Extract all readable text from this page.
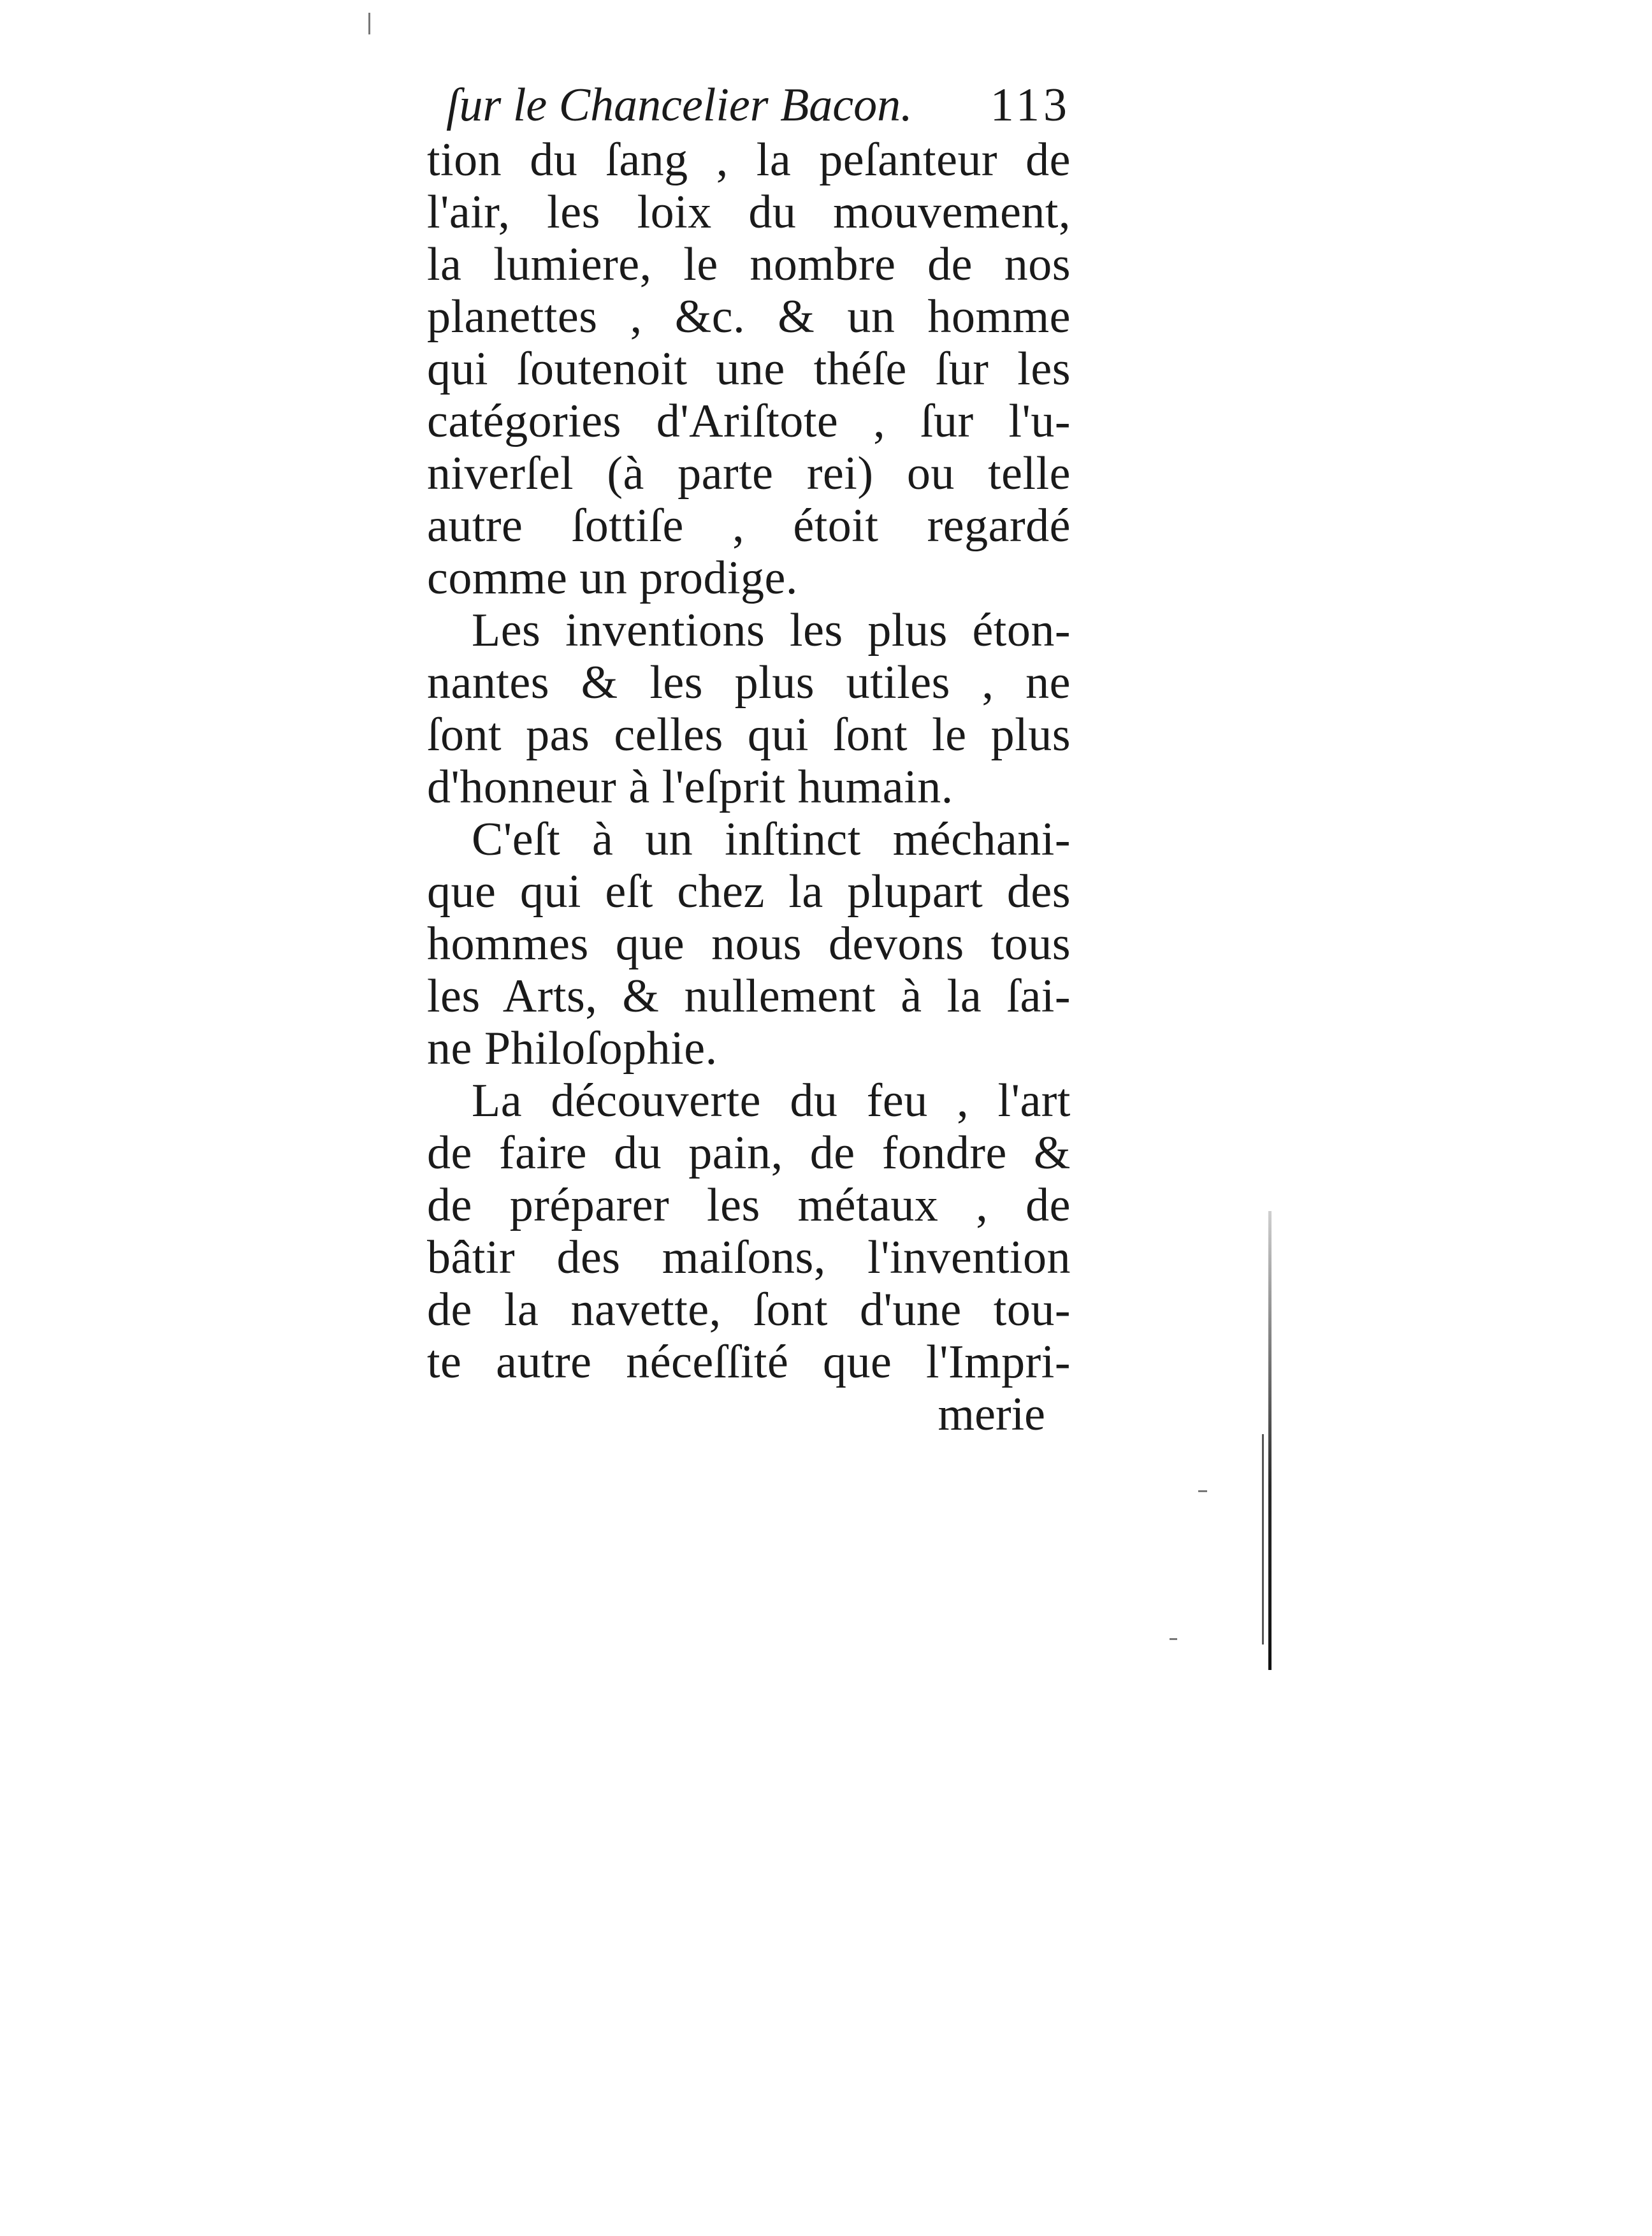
ſur le Chancelier Bacon. 113
tion du ſang , la peſanteur de
l'air, les loix du mouvement,
la lumiere, le nombre de nos
planettes , &c. & un homme
qui ſoutenoit une théſe ſur les
catégories d'Ariſtote , ſur l'u-
niverſel (à parte rei) ou telle
autre ſottiſe , étoit regardé
comme un prodige.
Les inventions les plus éton-
nantes & les plus utiles , ne
ſont pas celles qui ſont le plus
d'honneur à l'eſprit humain.
C'eſt à un inſtinct méchani-
que qui eſt chez la plupart des
hommes que nous devons tous
les Arts, & nullement à la ſai-
ne Philoſophie.
La découverte du feu , l'art
de faire du pain, de fondre &
de préparer les métaux , de
bâtir des maiſons, l'invention
de la navette, ſont d'une tou-
te autre néceſſité que l'Impri-
merie
